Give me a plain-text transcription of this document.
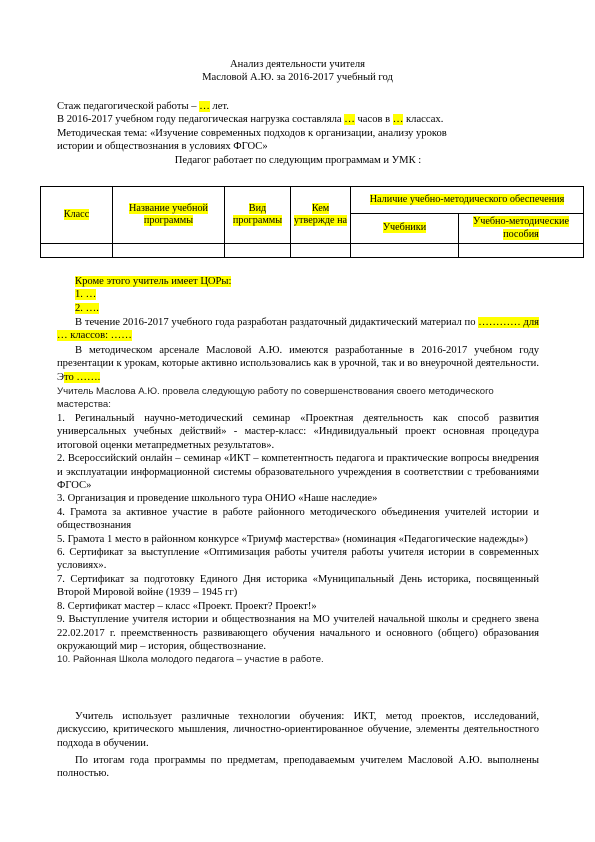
Анализ деятельности учителя
Масловой А.Ю. за 2016-2017 учебный год
Стаж педагогической работы – … лет.
В 2016-2017 учебном году педагогическая нагрузка составляла … часов в … классах.
Методическая тема: «Изучение современных подходов к организации, анализу уроков
истории и обществознания в условиях ФГОС»
Педагог работает по следующим программам и УМК :
Класс	Название учебной программы	Вид программы	Кем утвержде на	Наличие учебно-методического обеспечения	
				Учебники	Учебно-методические пособия

Кроме этого учитель имеет ЦОРы:
1. …
2. ….
В течение 2016-2017 учебного года разработан раздаточный дидактический материал по ………… для … классов: ……
В методическом арсенале Масловой А.Ю. имеются разработанные в 2016-2017 учебном году презентации к урокам, которые активно использовались как в урочной, так и во внеурочной деятельности. Это …….
Учитель Маслова А.Ю. провела следующую работу по совершенствования своего методического мастерства:
1. Регинальный научно-методический семинар «Проектная деятельность как способ развития универсальных учебных действий» - мастер-класс: «Индивидуальный проект основная процедура итоговой оценки метапредметных результатов».
2. Всероссийский онлайн – семинар «ИКТ – компетентность педагога и практические вопросы внедрения и эксплуатации информационной системы образовательного учреждения в соответствии с требованиями ФГОС»
3. Организация и проведение школьного тура ОНИО «Наше наследие»
4. Грамота за активное участие в работе районного методического объединения учителей истории и обществознания
5. Грамота 1 место в районном конкурсе «Триумф мастерства» (номинация «Педагогические надежды»)
6. Сертификат за выступление «Оптимизация работы учителя работы учителя истории в современных условиях».
7. Сертификат за подготовку Единого Дня историка «Муниципальный День историка, посвященный Второй Мировой войне (1939 – 1945 гг)
8. Сертификат мастер – класс «Проект. Проект? Проект!»
9. Выступление учителя истории и обществознания на МО учителей начальной школы и среднего звена 22.02.2017 г. преемственность развивающего обучения начального и основного (общего) образования окружающий мир – история, обществознание.
10. Районная Школа молодого педагога – участие в работе.
Учитель использует различные технологии обучения: ИКТ, метод проектов, исследований, дискуссию, критического мышления, личностно-ориентированное обучение, элементы деятельностного подхода в обучении.
По итогам года программы по предметам, преподаваемым учителем Масловой А.Ю. выполнены полностью.
